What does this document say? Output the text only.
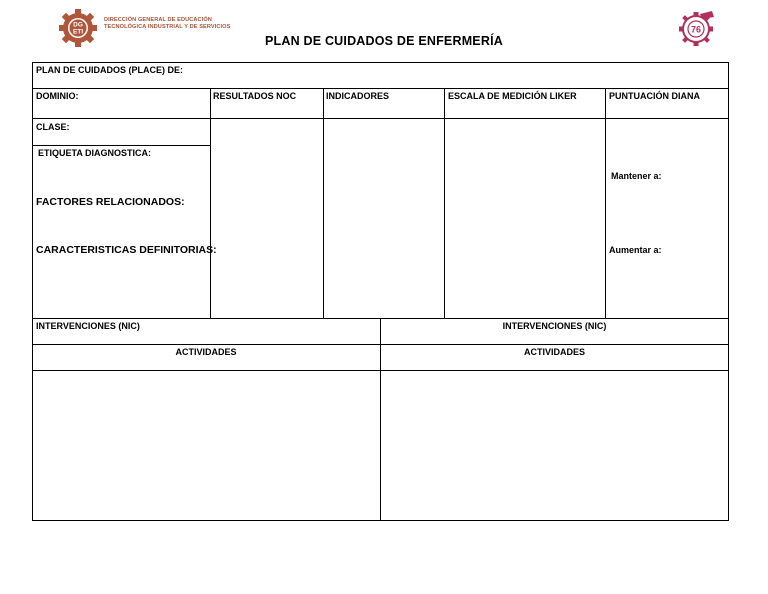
DG
ETI
DIRECCIÓN GENERAL DE EDUCACIÓN
TECNOLÓGICA INDUSTRIAL Y DE SERVICIOS	76
PLAN DE CUIDADOS DE ENFERMERÍA
PLAN DE CUIDADOS (PLACE) DE:
DOMINIO:	RESULTADOS NOC	INDICADORES	ESCALA DE MEDICIÓN LIKER	PUNTUACIÓN DIANA
CLASE:
ETIQUETA DIAGNOSTICA:
FACTORES RELACIONADOS:
CARACTERISTICAS DEFINITORIAS:
Mantener a:
Aumentar a:
INTERVENCIONES (NIC)	INTERVENCIONES (NIC)
ACTIVIDADES	ACTIVIDADES
